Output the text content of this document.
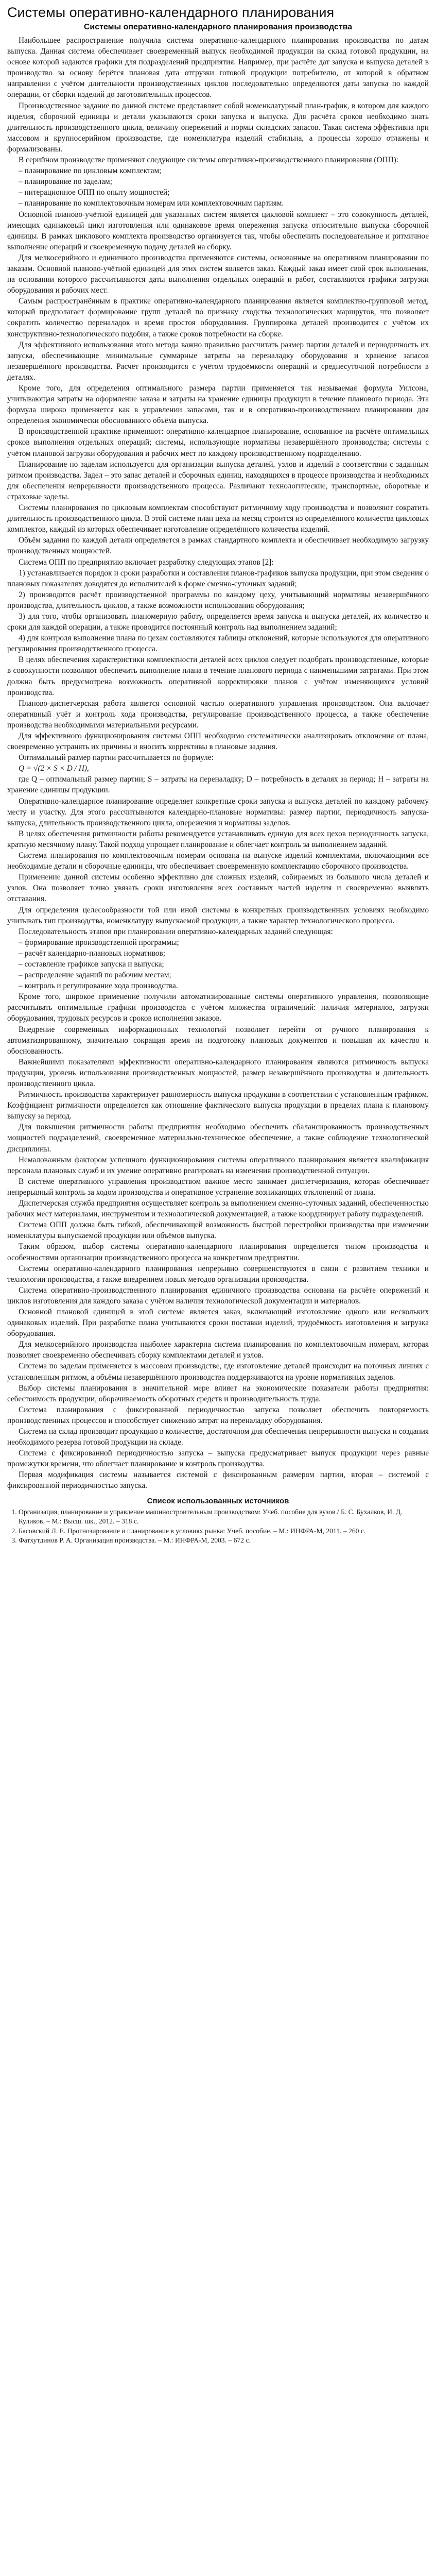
Системы оперативно-календарного планирования
Системы оперативно-календарного планирования производства

Наибольшее распространение получила система оперативно-календарного планирования производства по датам выпуска. Данная система обеспечивает своевременный выпуск необходимой продукции на склад готовой продукции, на основе которой задаются графики для подразделений предприятия. Например, при расчёте дат запуска и выпуска деталей в производство за основу берётся плановая дата отгрузки готовой продукции потребителю, от которой в обратном направлении с учётом длительности производственных циклов последовательно определяются даты запуска по каждой операции, от сборки изделий до заготовительных процессов.

Производственное задание по данной системе представляет собой номенклатурный план-график, в котором для каждого изделия, сборочной единицы и детали указываются сроки запуска и выпуска. Для расчёта сроков необходимо знать длительность производственного цикла, величину опережений и нормы складских запасов. Такая система эффективна при массовом и крупносерийном производстве, где номенклатура изделий стабильна, а процессы хорошо отлажены и формализованы.

В серийном производстве применяют следующие системы оперативно-производственного планирования (ОПП):

– планирование по цикловым комплектам;

– планирование по заделам;

– нитерационное ОПП по опыту мощностей;

– планирование по комплектовочным номерам или комплектовочным партиям.

Основной планово-учётной единицей для указанных систем является цикловой комплект – это совокупность деталей, имеющих одинаковый цикл изготовления или одинаковое время опережения запуска относительно выпуска сборочной единицы. В рамках циклового комплекта производство организуется так, чтобы обеспечить последовательное и ритмичное выполнение операций и своевременную подачу деталей на сборку.

Для мелкосерийного и единичного производства применяются системы, основанные на оперативном планировании по заказам. Основной планово-учётной единицей для этих систем является заказ. Каждый заказ имеет свой срок выполнения, на основании которого рассчитываются даты выполнения отдельных операций и работ, составляются графики загрузки оборудования и рабочих мест.

Самым распространённым в практике оперативно-календарного планирования является комплектно-групповой метод, который предполагает формирование групп деталей по признаку сходства технологических маршрутов, что позволяет сократить количество переналадок и время простоя оборудования. Группировка деталей производится с учётом их конструктивно-технологического подобия, а также сроков потребности на сборке.

Для эффективного использования этого метода важно правильно рассчитать размер партии деталей и периодичность их запуска, обеспечивающие минимальные суммарные затраты на переналадку оборудования и хранение запасов незавершённого производства. Расчёт производится с учётом трудоёмкости операций и среднесуточной потребности в деталях.

Кроме того, для определения оптимального размера партии применяется так называемая формула Уилсона, учитывающая затраты на оформление заказа и затраты на хранение единицы продукции в течение планового периода. Эта формула широко применяется как в управлении запасами, так и в оперативно-производственном планировании для определения экономически обоснованного объёма выпуска.

В производственной практике применяют: оперативно-календарное планирование, основанное на расчёте оптимальных сроков выполнения отдельных операций; системы, использующие нормативы незавершённого производства; системы с учётом плановой загрузки оборудования и рабочих мест по каждому производственному подразделению.

Планирование по заделам используется для организации выпуска деталей, узлов и изделий в соответствии с заданным ритмом производства. Задел – это запас деталей и сборочных единиц, находящихся в процессе производства и необходимых для обеспечения непрерывности производственного процесса. Различают технологические, транспортные, оборотные и страховые заделы.

Системы планирования по цикловым комплектам способствуют ритмичному ходу производства и позволяют сократить длительность производственного цикла. В этой системе план цеха на месяц строится из определённого количества цикловых комплектов, каждый из которых обеспечивает изготовление определённого количества изделий.

Объём задания по каждой детали определяется в рамках стандартного комплекта и обеспечивает необходимую загрузку производственных мощностей.

Система ОПП по предприятию включает разработку следующих этапов [2]:

1) устанавливается порядок и сроки разработки и составления планов-графиков выпуска продукции, при этом сведения о плановых показателях доводятся до исполнителей в форме сменно-суточных заданий;

2) производится расчёт производственной программы по каждому цеху, учитывающий нормативы незавершённого производства, длительность циклов, а также возможности использования оборудования;

3) для того, чтобы организовать планомерную работу, определяется время запуска и выпуска деталей, их количество и сроки для каждой операции, а также проводится постоянный контроль над выполнением заданий;

4) для контроля выполнения плана по цехам составляются таблицы отклонений, которые используются для оперативного регулирования производственного процесса.

В целях обеспечения характеристики комплектности деталей всех циклов следует подобрать производственные, которые в совокупности позволяют обеспечить выполнение плана в течение планового периода с наименьшими затратами. При этом должна быть предусмотрена возможность оперативной корректировки планов с учётом изменяющихся условий производства.

Планово-диспетчерская работа является основной частью оперативного управления производством. Она включает оперативный учёт и контроль хода производства, регулирование производственного процесса, а также обеспечение производства необходимыми материальными ресурсами.

Для эффективного функционирования системы ОПП необходимо систематически анализировать отклонения от плана, своевременно устранять их причины и вносить коррективы в плановые задания.

Оптимальный размер партии рассчитывается по формуле:

Q = √(2 × S × D / H),

где Q – оптимальный размер партии; S – затраты на переналадку; D – потребность в деталях за период; H – затраты на хранение единицы продукции.

Оперативно-календарное планирование определяет конкретные сроки запуска и выпуска деталей по каждому рабочему месту и участку. Для этого рассчитываются календарно-плановые нормативы: размер партии, периодичность запуска-выпуска, длительность производственного цикла, опережения и нормативы заделов.

В целях обеспечения ритмичности работы рекомендуется устанавливать единую для всех цехов периодичность запуска, кратную месячному плану. Такой подход упрощает планирование и облегчает контроль за выполнением заданий.

Система планирования по комплектовочным номерам основана на выпуске изделий комплектами, включающими все необходимые детали и сборочные единицы, что обеспечивает своевременную комплектацию сборочного производства.

Применение данной системы особенно эффективно для сложных изделий, собираемых из большого числа деталей и узлов. Она позволяет точно увязать сроки изготовления всех составных частей изделия и своевременно выявлять отставания.

Для определения целесообразности той или иной системы в конкретных производственных условиях необходимо учитывать тип производства, номенклатуру выпускаемой продукции, а также характер технологического процесса.

Последовательность этапов при планировании оперативно-календарных заданий следующая:

– формирование производственной программы;

– расчёт календарно-плановых нормативов;

– составление графиков запуска и выпуска;

– распределение заданий по рабочим местам;

– контроль и регулирование хода производства.

Кроме того, широкое применение получили автоматизированные системы оперативного управления, позволяющие рассчитывать оптимальные графики производства с учётом множества ограничений: наличия материалов, загрузки оборудования, трудовых ресурсов и сроков исполнения заказов.

Внедрение современных информационных технологий позволяет перейти от ручного планирования к автоматизированному, значительно сокращая время на подготовку плановых документов и повышая их качество и обоснованность.

Важнейшими показателями эффективности оперативно-календарного планирования являются ритмичность выпуска продукции, уровень использования производственных мощностей, размер незавершённого производства и длительность производственного цикла.

Ритмичность производства характеризует равномерность выпуска продукции в соответствии с установленным графиком. Коэффициент ритмичности определяется как отношение фактического выпуска продукции в пределах плана к плановому выпуску за период.

Для повышения ритмичности работы предприятия необходимо обеспечить сбалансированность производственных мощностей подразделений, своевременное материально-техническое обеспечение, а также соблюдение технологической дисциплины.

Немаловажным фактором успешного функционирования системы оперативного планирования является квалификация персонала плановых служб и их умение оперативно реагировать на изменения производственной ситуации.

В системе оперативного управления производством важное место занимает диспетчеризация, которая обеспечивает непрерывный контроль за ходом производства и оперативное устранение возникающих отклонений от плана.

Диспетчерская служба предприятия осуществляет контроль за выполнением сменно-суточных заданий, обеспеченностью рабочих мест материалами, инструментом и технологической документацией, а также координирует работу подразделений.

Система ОПП должна быть гибкой, обеспечивающей возможность быстрой перестройки производства при изменении номенклатуры выпускаемой продукции или объёмов выпуска.

Таким образом, выбор системы оперативно-календарного планирования определяется типом производства и особенностями организации производственного процесса на конкретном предприятии.

Системы оперативно-календарного планирования непрерывно совершенствуются в связи с развитием техники и технологии производства, а также внедрением новых методов организации производства.

Система оперативно-производственного планирования единичного производства основана на расчёте опережений и циклов изготовления для каждого заказа с учётом наличия технологической документации и материалов.

Основной плановой единицей в этой системе является заказ, включающий изготовление одного или нескольких одинаковых изделий. При разработке плана учитываются сроки поставки изделий, трудоёмкость изготовления и загрузка оборудования.

Для мелкосерийного производства наиболее характерна система планирования по комплектовочным номерам, которая позволяет своевременно обеспечивать сборку комплектами деталей и узлов.

Система по заделам применяется в массовом производстве, где изготовление деталей происходит на поточных линиях с установленным ритмом, а объёмы незавершённого производства поддерживаются на уровне нормативных заделов.

Выбор системы планирования в значительной мере влияет на экономические показатели работы предприятия: себестоимость продукции, оборачиваемость оборотных средств и производительность труда.

Система планирования с фиксированной периодичностью запуска позволяет обеспечить повторяемость производственных процессов и способствует снижению затрат на переналадку оборудования.

Система на склад производит продукцию в количестве, достаточном для обеспечения непрерывности выпуска и создания необходимого резерва готовой продукции на складе.

Система с фиксированной периодичностью запуска – выпуска предусматривает выпуск продукции через равные промежутки времени, что облегчает планирование и контроль производства.

Первая модификация системы называется системой с фиксированным размером партии, вторая – системой с фиксированной периодичностью запуска.

Список использованных источников
1. Организация, планирование и управление машиностроительным производством: Учеб. пособие для вузов / Б. С. Бухалков, И. Д. Куликов. – М.: Высш. шк., 2012. – 318 с.
2. Басовский Л. Е. Прогнозирование и планирование в условиях рынка: Учеб. пособие. – М.: ИНФРА-М, 2011. – 260 с.
3. Фатхутдинов Р. А. Организация производства. – М.: ИНФРА-М, 2003. – 672 с.
